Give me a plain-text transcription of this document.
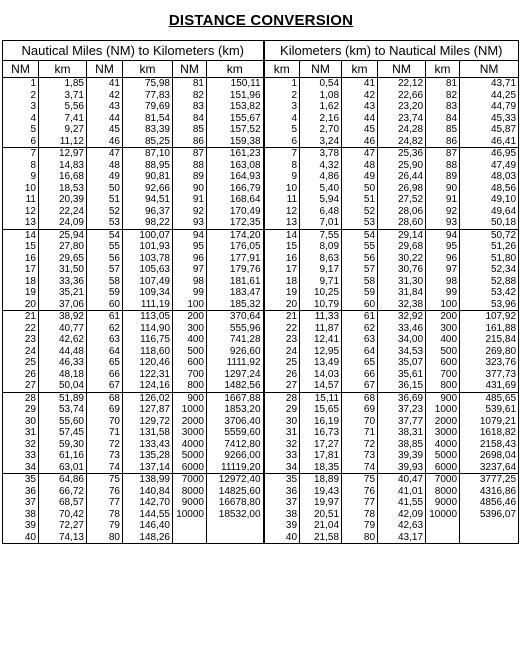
DISTANCE CONVERSION
Nautical Miles (NM) to Kilometers (km)						Kilometers (km) to Nautical Miles (NM)					
NM	km	NM	km	NM	km	km	NM	km	NM	km	NM
1	1,85	41	75,98	81	150,11	1	0,54	41	22,12	81	43,71
2	3,71	42	77,83	82	151,96	2	1,08	42	22,66	82	44,25
3	5,56	43	79,69	83	153,82	3	1,62	43	23,20	83	44,79
4	7,41	44	81,54	84	155,67	4	2,16	44	23,74	84	45,33
5	9,27	45	83,39	85	157,52	5	2,70	45	24,28	85	45,87
6	11,12	46	85,25	86	159,38	6	3,24	46	24,82	86	46,41
7	12,97	47	87,10	87	161,23	7	3,78	47	25,36	87	46,95
8	14,83	48	88,95	88	163,08	8	4,32	48	25,90	88	47,49
9	16,68	49	90,81	89	164,93	9	4,86	49	26,44	89	48,03
10	18,53	50	92,66	90	166,79	10	5,40	50	26,98	90	48,56
11	20,39	51	94,51	91	168,64	11	5,94	51	27,52	91	49,10
12	22,24	52	96,37	92	170,49	12	6,48	52	28,06	92	49,64
13	24,09	53	98,22	93	172,35	13	7,01	53	28,60	93	50,18
14	25,94	54	100,07	94	174,20	14	7,55	54	29,14	94	50,72
15	27,80	55	101,93	95	176,05	15	8,09	55	29,68	95	51,26
16	29,65	56	103,78	96	177,91	16	8,63	56	30,22	96	51,80
17	31,50	57	105,63	97	179,76	17	9,17	57	30,76	97	52,34
18	33,36	58	107,49	98	181,61	18	9,71	58	31,30	98	52,88
19	35,21	59	109,34	99	183,47	19	10,25	59	31,84	99	53,42
20	37,06	60	111,19	100	185,32	20	10,79	60	32,38	100	53,96
21	38,92	61	113,05	200	370,64	21	11,33	61	32,92	200	107,92
22	40,77	62	114,90	300	555,96	22	11,87	62	33,46	300	161,88
23	42,62	63	116,75	400	741,28	23	12,41	63	34,00	400	215,84
24	44,48	64	118,60	500	926,60	24	12,95	64	34,53	500	269,80
25	46,33	65	120,46	600	1111,92	25	13,49	65	35,07	600	323,76
26	48,18	66	122,31	700	1297,24	26	14,03	66	35,61	700	377,73
27	50,04	67	124,16	800	1482,56	27	14,57	67	36,15	800	431,69
28	51,89	68	126,02	900	1667,88	28	15,11	68	36,69	900	485,65
29	53,74	69	127,87	1000	1853,20	29	15,65	69	37,23	1000	539,61
30	55,60	70	129,72	2000	3706,40	30	16,19	70	37,77	2000	1079,21
31	57,45	71	131,58	3000	5559,60	31	16,73	71	38,31	3000	1618,82
32	59,30	72	133,43	4000	7412,80	32	17,27	72	38,85	4000	2158,43
33	61,16	73	135,28	5000	9266,00	33	17,81	73	39,39	5000	2698,04
34	63,01	74	137,14	6000	11119,20	34	18,35	74	39,93	6000	3237,64
35	64,86	75	138,99	7000	12972,40	35	18,89	75	40,47	7000	3777,25
36	66,72	76	140,84	8000	14825,60	36	19,43	76	41,01	8000	4316,86
37	68,57	77	142,70	9000	16678,80	37	19,97	77	41,55	9000	4856,46
38	70,42	78	144,55	10000	18532,00	38	20,51	78	42,09	10000	5396,07
39	72,27	79	146,40			39	21,04	79	42,63		
40	74,13	80	148,26			40	21,58	80	43,17		
